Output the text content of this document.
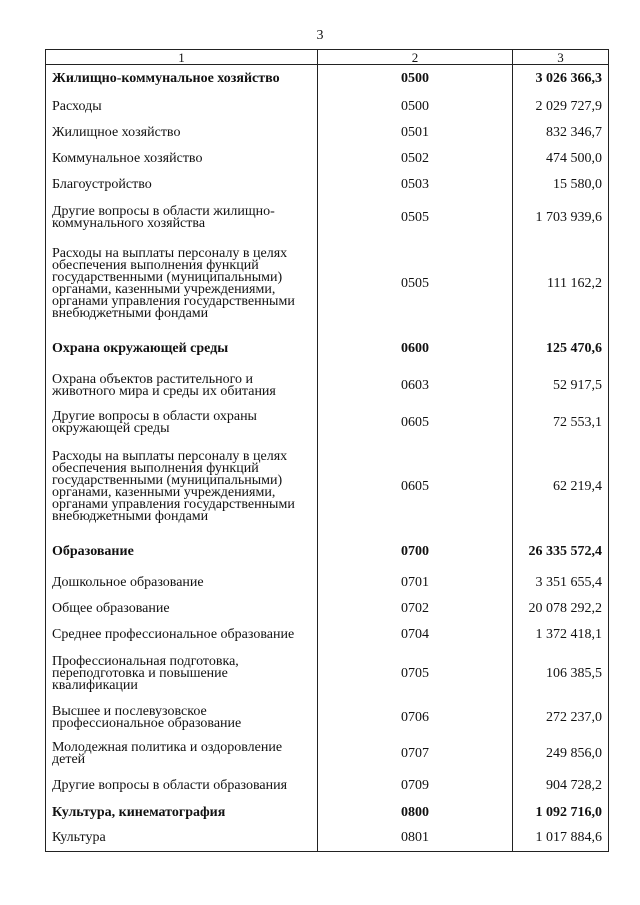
3
1	2	3
Жилищно-коммунальное хозяйство	0500	3 026 366,3
Расходы	0500	2 029 727,9
Жилищное хозяйство	0501	832 346,7
Коммунальное хозяйство	0502	474 500,0
Благоустройство	0503	15 580,0
Другие вопросы в области жилищно-коммунального хозяйства	0505	1 703 939,6
Расходы на выплаты персоналу в целях обеспечения выполнения функций государственными (муниципальными) органами, казенными учреждениями, органами управления государственными внебюджетными фондами	0505	111 162,2
Охрана окружающей среды	0600	125 470,6
Охрана объектов растительного и животного мира и среды их обитания	0603	52 917,5
Другие вопросы в области охраны окружающей среды	0605	72 553,1
Расходы на выплаты персоналу в целях обеспечения выполнения функций государственными (муниципальными) органами, казенными учреждениями, органами управления государственными внебюджетными фондами	0605	62 219,4
Образование	0700	26 335 572,4
Дошкольное образование	0701	3 351 655,4
Общее образование	0702	20 078 292,2
Среднее профессиональное образование	0704	1 372 418,1
Профессиональная подготовка, переподготовка и повышение квалификации	0705	106 385,5
Высшее и послевузовское профессиональное образование	0706	272 237,0
Молодежная политика и оздоровление детей	0707	249 856,0
Другие вопросы в области образования	0709	904 728,2
Культура, кинематография	0800	1 092 716,0
Культура	0801	1 017 884,6
